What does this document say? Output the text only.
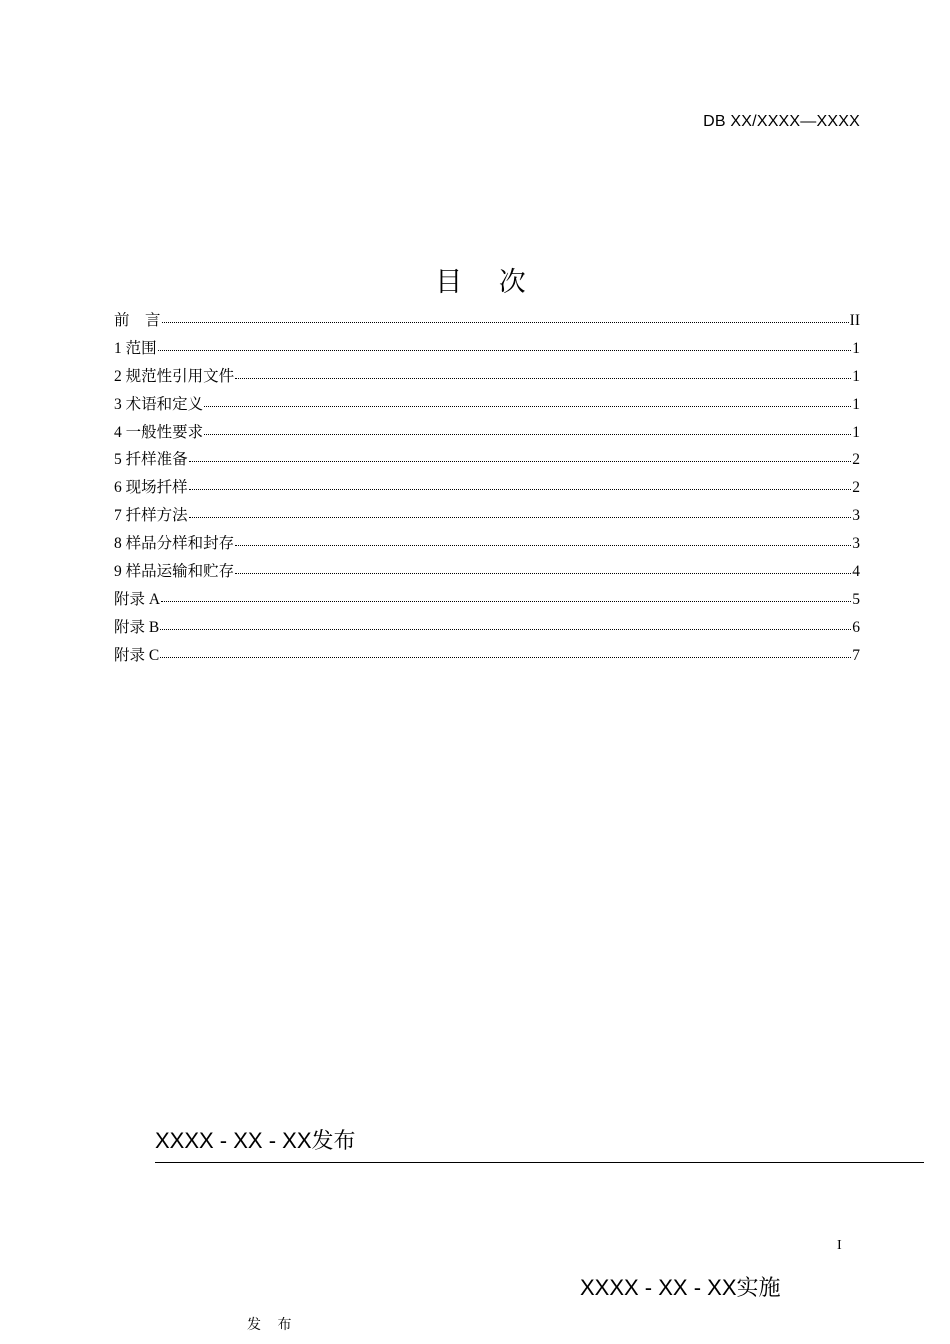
DB XX/XXXX—XXXX
目 次
前　言	II
1 范围	1
2 规范性引用文件	1
3 术语和定义	1
4 一般性要求	1
5 扦样准备	2
6 现场扦样	2
7 扦样方法	3
8 样品分样和封存	3
9 样品运输和贮存	4
附录 A	5
附录 B	6
附录 C	7
XXXX - XX - XX发布
I
XXXX - XX - XX实施
发 布
